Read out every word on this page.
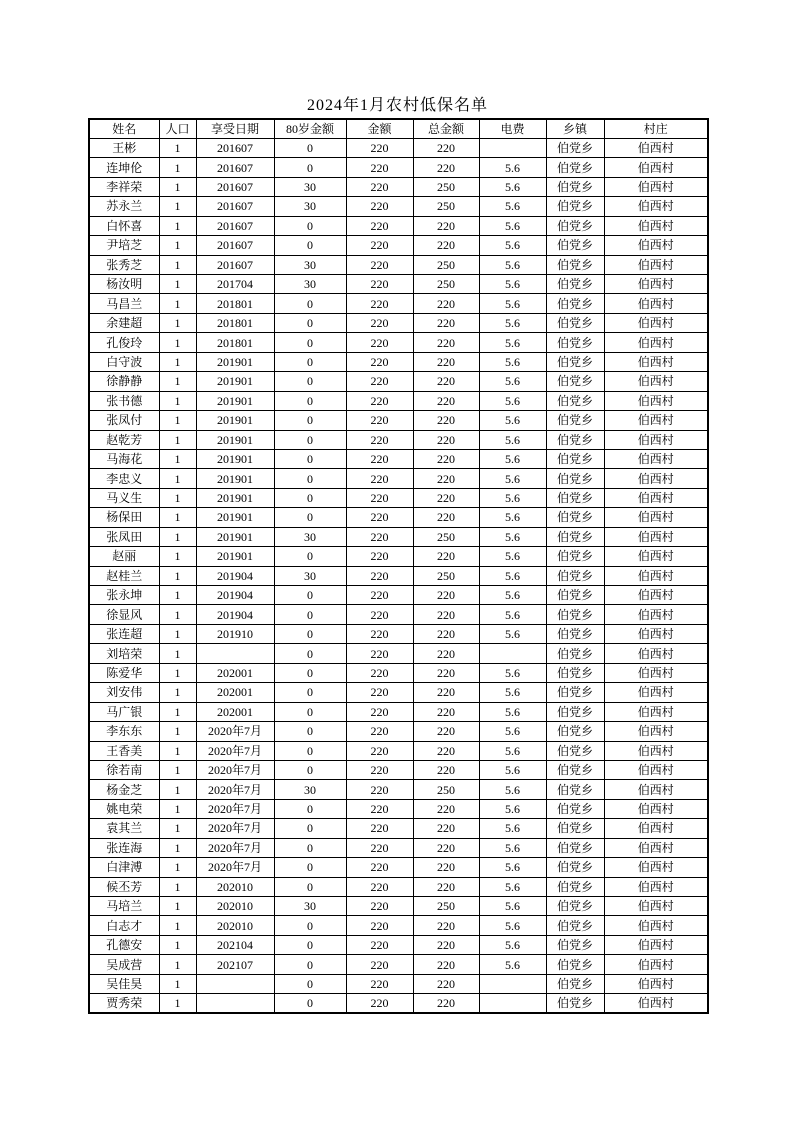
2024年1月农村低保名单
姓名	人口	享受日期	80岁金额	金额	总金额	电费	乡镇	村庄
王彬	1	201607	0	220	220		伯党乡	伯西村
连坤伦	1	201607	0	220	220	5.6	伯党乡	伯西村
李祥荣	1	201607	30	220	250	5.6	伯党乡	伯西村
苏永兰	1	201607	30	220	250	5.6	伯党乡	伯西村
白怀喜	1	201607	0	220	220	5.6	伯党乡	伯西村
尹培芝	1	201607	0	220	220	5.6	伯党乡	伯西村
张秀芝	1	201607	30	220	250	5.6	伯党乡	伯西村
杨汝明	1	201704	30	220	250	5.6	伯党乡	伯西村
马昌兰	1	201801	0	220	220	5.6	伯党乡	伯西村
余建超	1	201801	0	220	220	5.6	伯党乡	伯西村
孔俊玲	1	201801	0	220	220	5.6	伯党乡	伯西村
白守波	1	201901	0	220	220	5.6	伯党乡	伯西村
徐静静	1	201901	0	220	220	5.6	伯党乡	伯西村
张书德	1	201901	0	220	220	5.6	伯党乡	伯西村
张凤付	1	201901	0	220	220	5.6	伯党乡	伯西村
赵乾芳	1	201901	0	220	220	5.6	伯党乡	伯西村
马海花	1	201901	0	220	220	5.6	伯党乡	伯西村
李忠义	1	201901	0	220	220	5.6	伯党乡	伯西村
马义生	1	201901	0	220	220	5.6	伯党乡	伯西村
杨保田	1	201901	0	220	220	5.6	伯党乡	伯西村
张凤田	1	201901	30	220	250	5.6	伯党乡	伯西村
赵丽	1	201901	0	220	220	5.6	伯党乡	伯西村
赵桂兰	1	201904	30	220	250	5.6	伯党乡	伯西村
张永坤	1	201904	0	220	220	5.6	伯党乡	伯西村
徐显风	1	201904	0	220	220	5.6	伯党乡	伯西村
张连超	1	201910	0	220	220	5.6	伯党乡	伯西村
刘培荣	1		0	220	220		伯党乡	伯西村
陈爱华	1	202001	0	220	220	5.6	伯党乡	伯西村
刘安伟	1	202001	0	220	220	5.6	伯党乡	伯西村
马广银	1	202001	0	220	220	5.6	伯党乡	伯西村
李东东	1	2020年7月	0	220	220	5.6	伯党乡	伯西村
王香美	1	2020年7月	0	220	220	5.6	伯党乡	伯西村
徐若南	1	2020年7月	0	220	220	5.6	伯党乡	伯西村
杨金芝	1	2020年7月	30	220	250	5.6	伯党乡	伯西村
姚电荣	1	2020年7月	0	220	220	5.6	伯党乡	伯西村
袁其兰	1	2020年7月	0	220	220	5.6	伯党乡	伯西村
张连海	1	2020年7月	0	220	220	5.6	伯党乡	伯西村
白津溥	1	2020年7月	0	220	220	5.6	伯党乡	伯西村
候丕芳	1	202010	0	220	220	5.6	伯党乡	伯西村
马培兰	1	202010	30	220	250	5.6	伯党乡	伯西村
白志才	1	202010	0	220	220	5.6	伯党乡	伯西村
孔德安	1	202104	0	220	220	5.6	伯党乡	伯西村
吴成营	1	202107	0	220	220	5.6	伯党乡	伯西村
吴佳昊	1		0	220	220		伯党乡	伯西村
贾秀荣	1		0	220	220		伯党乡	伯西村
